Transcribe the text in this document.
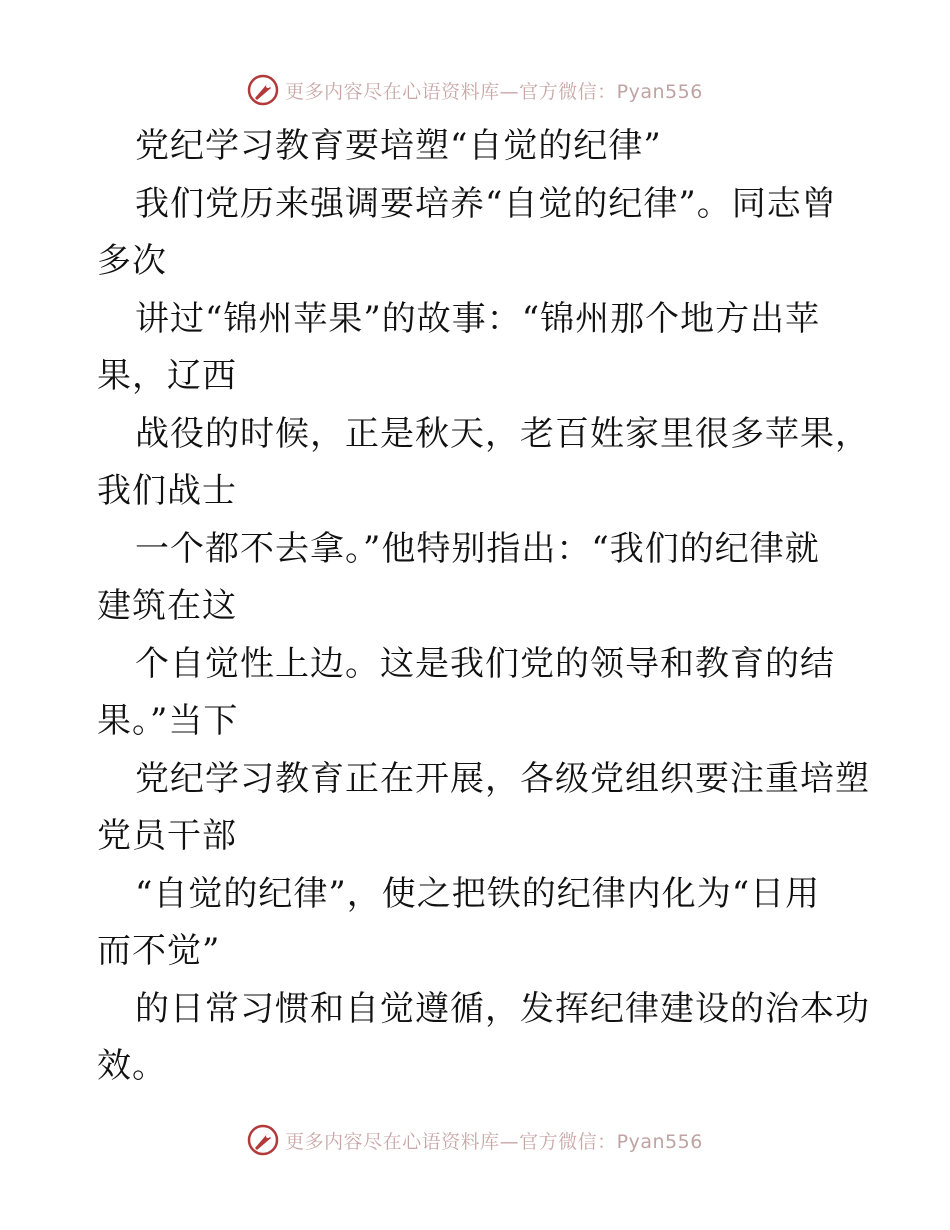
更多内容尽在心语资料库—官方微信：Pyan556
党纪学习教育要培塑“自觉的纪律”
我们党历来强调要培养“自觉的纪律”。同志曾
多次
讲过“锦州苹果”的故事：“锦州那个地方出苹
果，辽西
战役的时候，正是秋天，老百姓家里很多苹果，
我们战士
一个都不去拿。”他特别指出：“我们的纪律就
建筑在这
个自觉性上边。这是我们党的领导和教育的结
果。”当下
党纪学习教育正在开展，各级党组织要注重培塑
党员干部
“自觉的纪律”，使之把铁的纪律内化为“日用
而不觉”
的日常习惯和自觉遵循，发挥纪律建设的治本功
效。
更多内容尽在心语资料库—官方微信：Pyan556
